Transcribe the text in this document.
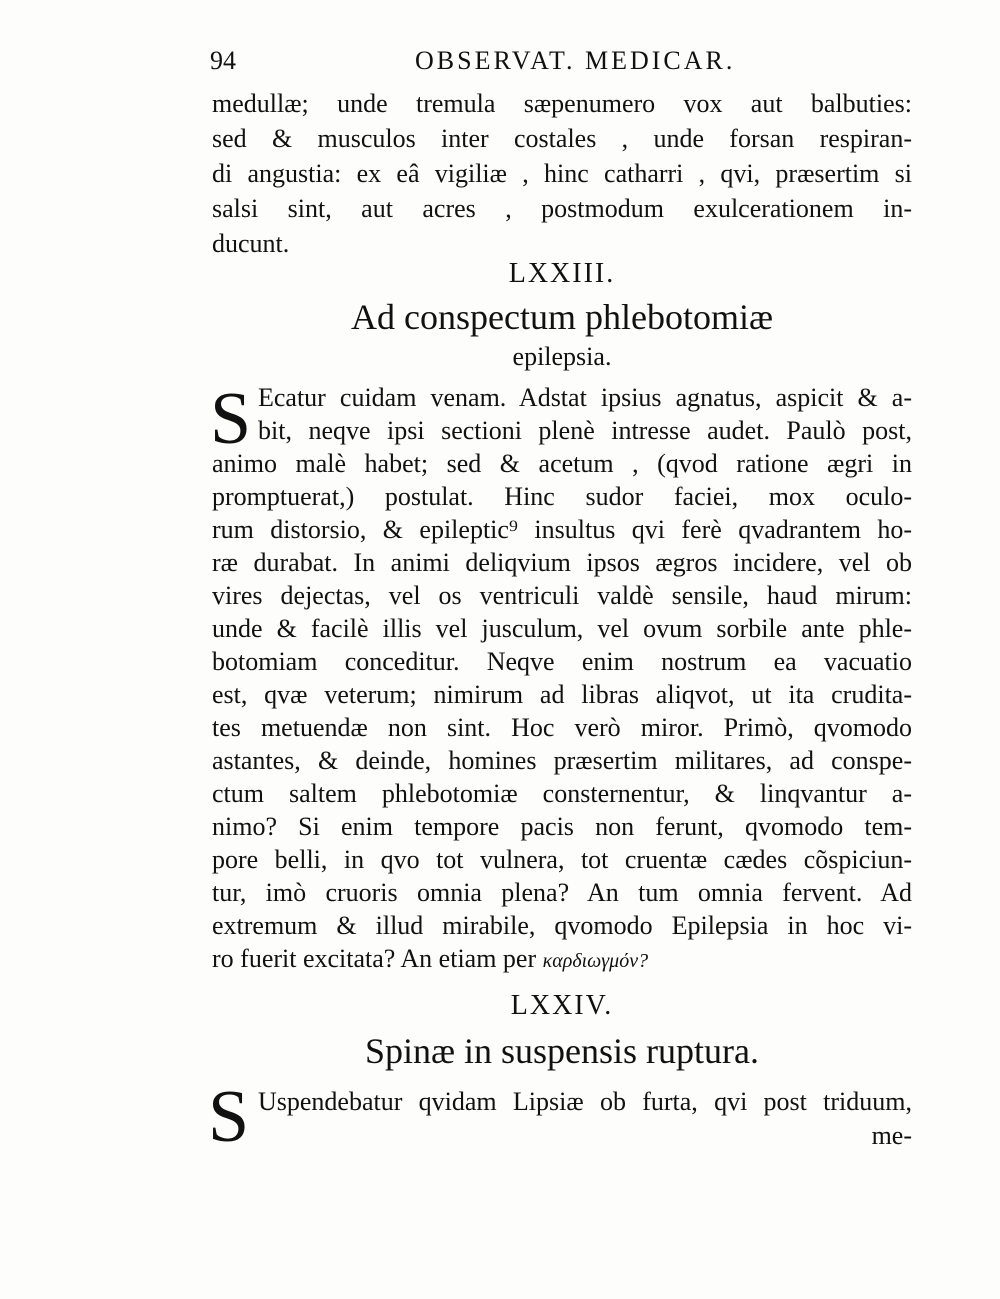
94	OBSERVAT. MEDICAR.
medullæ; unde tremula sæpenumero vox aut balbuties:
sed & musculos inter costales , unde forsan respiran-
di angustia: ex eâ vigiliæ , hinc catharri , qvi, præsertim si
salsi sint, aut acres , postmodum exulcerationem in-
ducunt.
LXXIII.
Ad conspectum phlebotomiæ
epilepsia.
S Ecatur cuidam venam. Adstat ipsius agnatus, aspicit & a-
bit, neqve ipsi sectioni plenè intresse audet. Paulò post,
animo malè habet; sed & acetum , (qvod ratione ægri in
promptuerat,) postulat. Hinc sudor faciei, mox oculo-
rum distorsio, & epileptic⁹ insultus qvi ferè qvadrantem ho-
ræ durabat. In animi deliqvium ipsos ægros incidere, vel ob
vires dejectas, vel os ventriculi valdè sensile, haud mirum:
unde & facilè illis vel jusculum, vel ovum sorbile ante phle-
botomiam conceditur. Neqve enim nostrum ea vacuatio
est, qvæ veterum; nimirum ad libras aliqvot, ut ita crudita-
tes metuendæ non sint. Hoc verò miror. Primò, qvomodo
astantes, & deinde, homines præsertim militares, ad conspe-
ctum saltem phlebotomiæ consternentur, & linqvantur a-
nimo? Si enim tempore pacis non ferunt, qvomodo tem-
pore belli, in qvo tot vulnera, tot cruentæ cædes cõspiciun-
tur, imò cruoris omnia plena? An tum omnia fervent. Ad
extremum & illud mirabile, qvomodo Epilepsia in hoc vi-
ro fuerit excitata? An etiam per καρδιωγμόν?
LXXIV.
Spinæ in suspensis ruptura.
S Uspendebatur qvidam Lipsiæ ob furta, qvi post triduum,
me-
